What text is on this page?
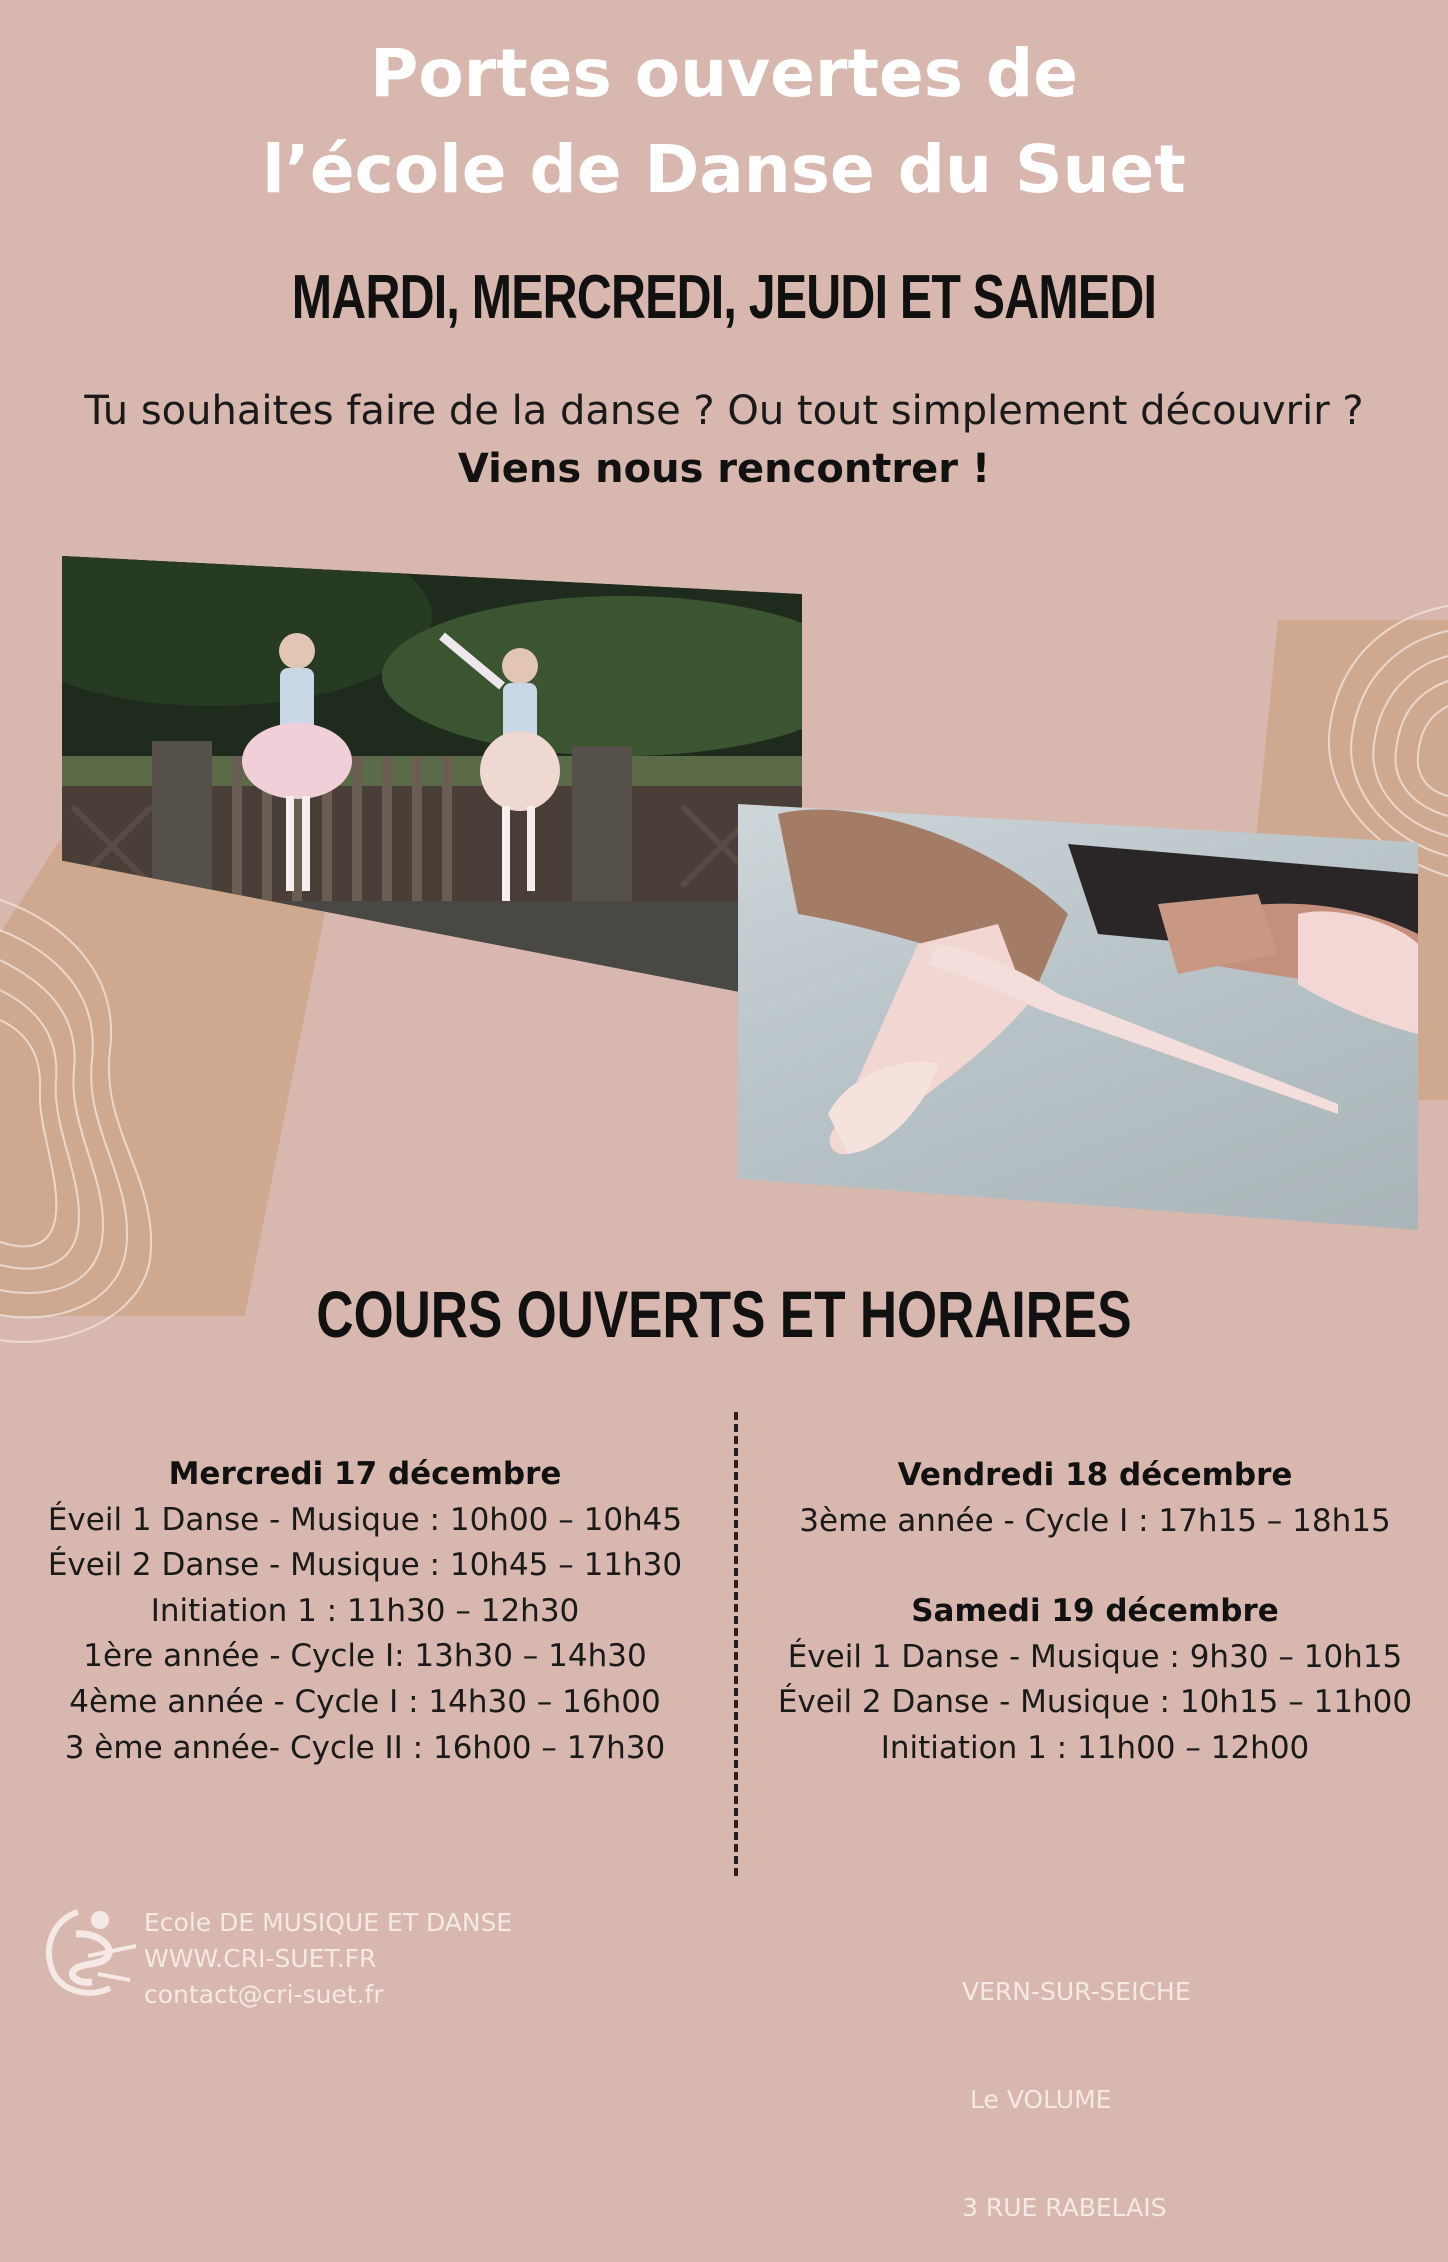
Portes ouvertes de
l’école de Danse du Suet
MARDI, MERCREDI, JEUDI ET SAMEDI
Tu souhaites faire de la danse ? Ou tout simplement découvrir ?
Viens nous rencontrer !
COURS OUVERTS ET HORAIRES
Mercredi 17 décembre
Éveil 1 Danse - Musique : 10h00 – 10h45
Éveil 2 Danse - Musique : 10h45 – 11h30
Initiation 1 : 11h30 – 12h30
1ère année - Cycle I: 13h30 – 14h30
4ème année - Cycle I : 14h30 – 16h00
3 ème année- Cycle II : 16h00 – 17h30
Vendredi 18 décembre
3ème année - Cycle I : 17h15 – 18h15
Samedi 19 décembre
Éveil 1 Danse - Musique : 9h30 – 10h15
Éveil 2 Danse - Musique : 10h15 – 11h00
Initiation 1 : 11h00 – 12h00
Ecole DE MUSIQUE ET DANSE
WWW.CRI-SUET.FR
contact@cri-suet.fr

	VERN-SUR-SEICHE

Le VOLUME

3 RUE RABELAIS
